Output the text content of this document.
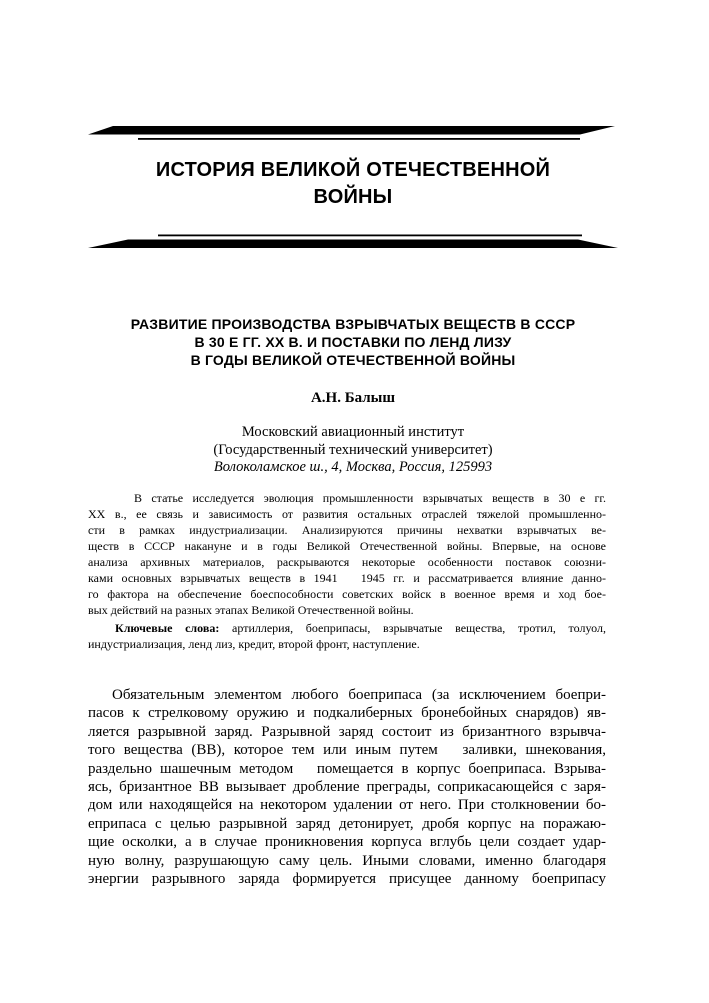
ИСТОРИЯ ВЕЛИКОЙ ОТЕЧЕСТВЕННОЙ
ВОЙНЫ
РАЗВИТИЕ ПРОИЗВОДСТВА ВЗРЫВЧАТЫХ ВЕЩЕСТВ В СССР
В 30 Е ГГ. ХХ В. И ПОСТАВКИ ПО ЛЕНД ЛИЗУ
В ГОДЫ ВЕЛИКОЙ ОТЕЧЕСТВЕННОЙ ВОЙНЫ
А.Н. Балыш
Московский авиационный институт
(Государственный технический университет)
Волоколамское ш., 4, Москва, Россия, 125993
В статье исследуется эволюция промышленности взрывчатых веществ в 30 е гг.
ХХ в., ее связь и зависимость от развития остальных отраслей тяжелой промышленно-
сти в рамках индустриализации. Анализируются причины нехватки взрывчатых ве-
ществ в СССР накануне и в годы Великой Отечественной войны. Впервые, на основе
анализа архивных материалов, раскрываются некоторые особенности поставок союзни-
ками основных взрывчатых веществ в 1941   1945 гг. и рассматривается влияние данно-
го фактора на обеспечение боеспособности советских войск в военное время и ход бое-
вых действий на разных этапах Великой Отечественной войны.
Ключевые слова: артиллерия, боеприпасы, взрывчатые вещества, тротил, толуол,
индустриализация, ленд лиз, кредит, второй фронт, наступление.
Обязательным элементом любого боеприпаса (за исключением боепри-
пасов к стрелковому оружию и подкалиберных бронебойных снарядов) яв-
ляется разрывной заряд. Разрывной заряд состоит из бризантного взрывча-
того вещества (ВВ), которое тем или иным путем   заливки, шнекования,
раздельно шашечным методом   помещается в корпус боеприпаса. Взрыва-
ясь, бризантное ВВ вызывает дробление преграды, соприкасающейся с заря-
дом или находящейся на некотором удалении от него. При столкновении бо-
еприпаса с целью разрывной заряд детонирует, дробя корпус на поражаю-
щие осколки, а в случае проникновения корпуса вглубь цели создает удар-
ную волну, разрушающую саму цель. Иными словами, именно благодаря
энергии разрывного заряда формируется присущее данному боеприпасу
